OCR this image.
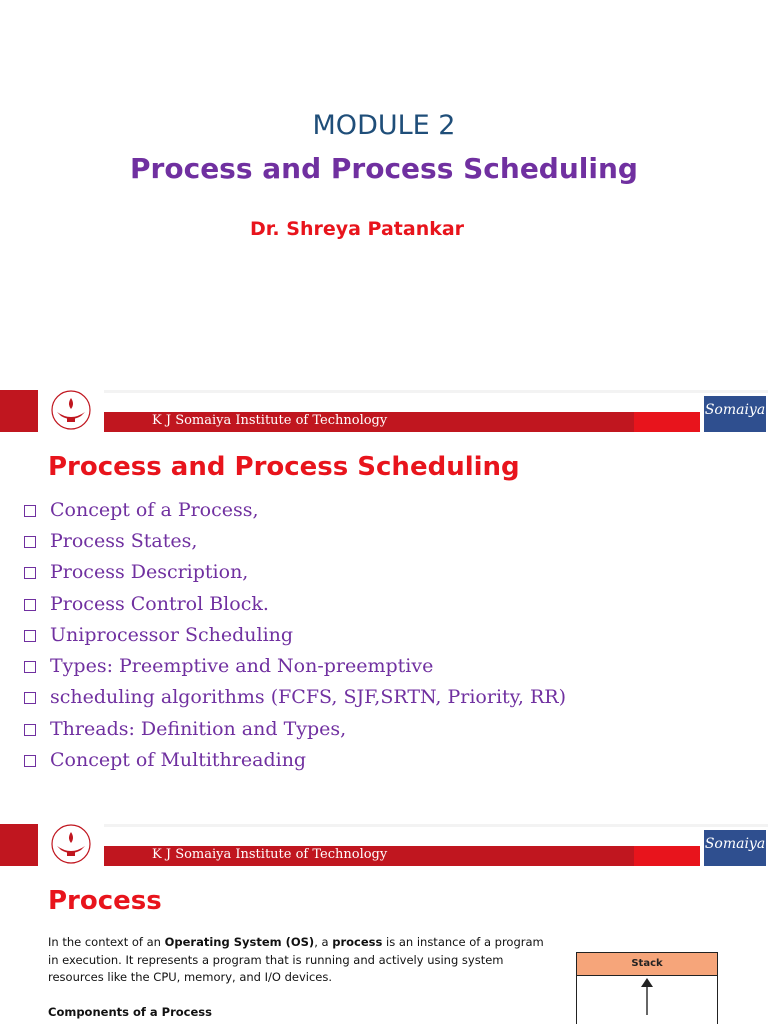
MODULE 2
Process and Process Scheduling
Dr. Shreya Patankar
K J Somaiya Institute of Technology
Somaiya
Process and Process Scheduling
Concept of a Process,
Process States,
Process Description,
Process Control Block.
Uniprocessor Scheduling
Types: Preemptive and Non-preemptive
scheduling algorithms (FCFS, SJF,SRTN, Priority, RR)
Threads: Definition and Types,
Concept of Multithreading
K J Somaiya Institute of Technology
Somaiya
Process
In the context of an Operating System (OS), a process is an instance of a program in execution. It represents a program that is running and actively using system resources like the CPU, memory, and I/O devices.
Components of a Process
Stack
